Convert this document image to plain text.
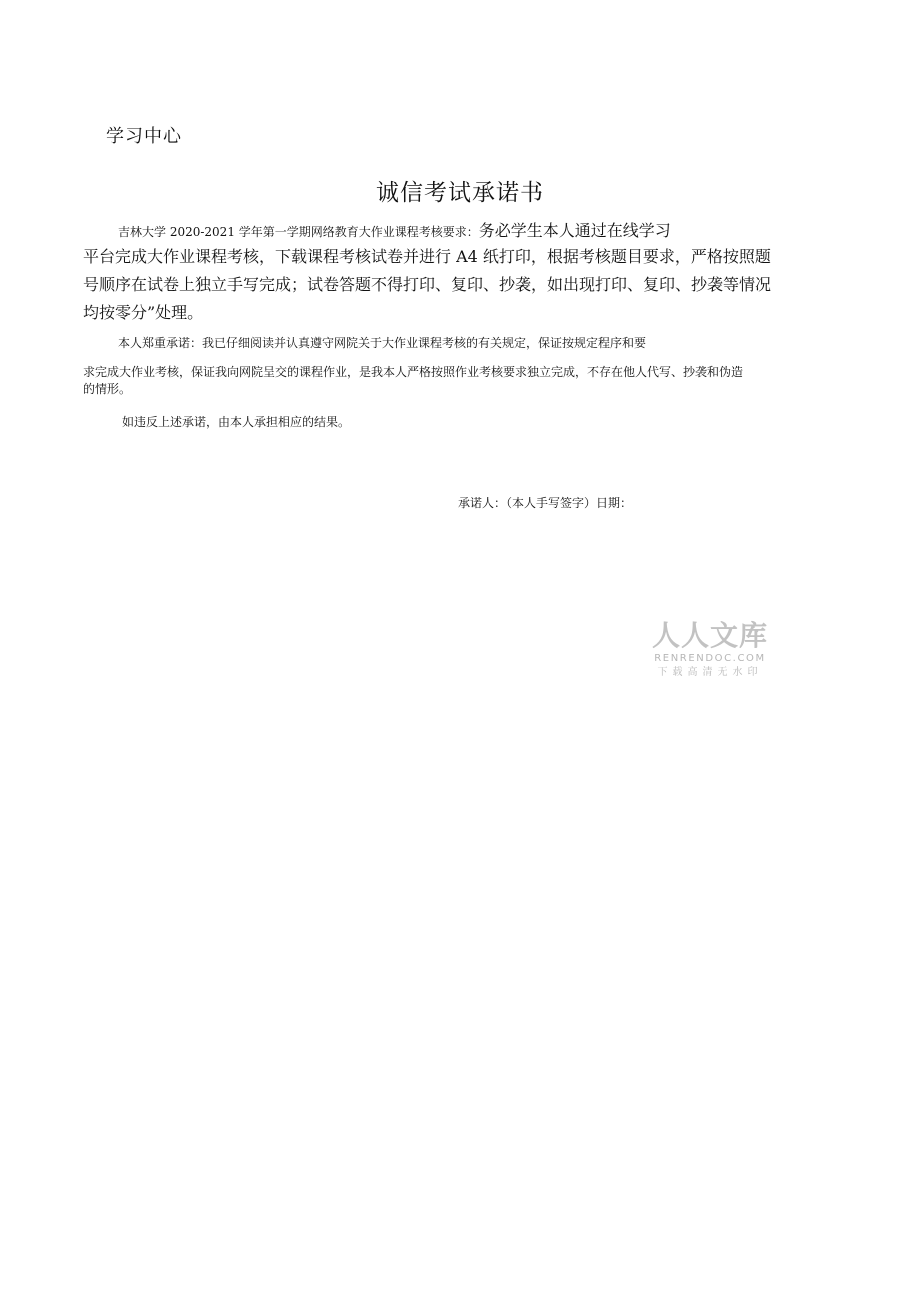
学习中心
诚信考试承诺书
吉林大学 2020-2021 学年第一学期网络教育大作业课程考核要求：务必学生本人通过在线学习
平台完成大作业课程考核，下载课程考核试卷并进行 A4 纸打印，根据考核题目要求，严格按照题
号顺序在试卷上独立手写完成；试卷答题不得打印、复印、抄袭，如出现打印、复印、抄袭等情况
均按零分”处理。
本人郑重承诺：我已仔细阅读并认真遵守网院关于大作业课程考核的有关规定，保证按规定程序和要
求完成大作业考核，保证我向网院呈交的课程作业，是我本人严格按照作业考核要求独立完成，不存在他人代写、抄袭和伪造
的情形。
如违反上述承诺，由本人承担相应的结果。
承诺人：（本人手写签字）日期：
人人文库
RENRENDOC.COM
下载高清无水印
